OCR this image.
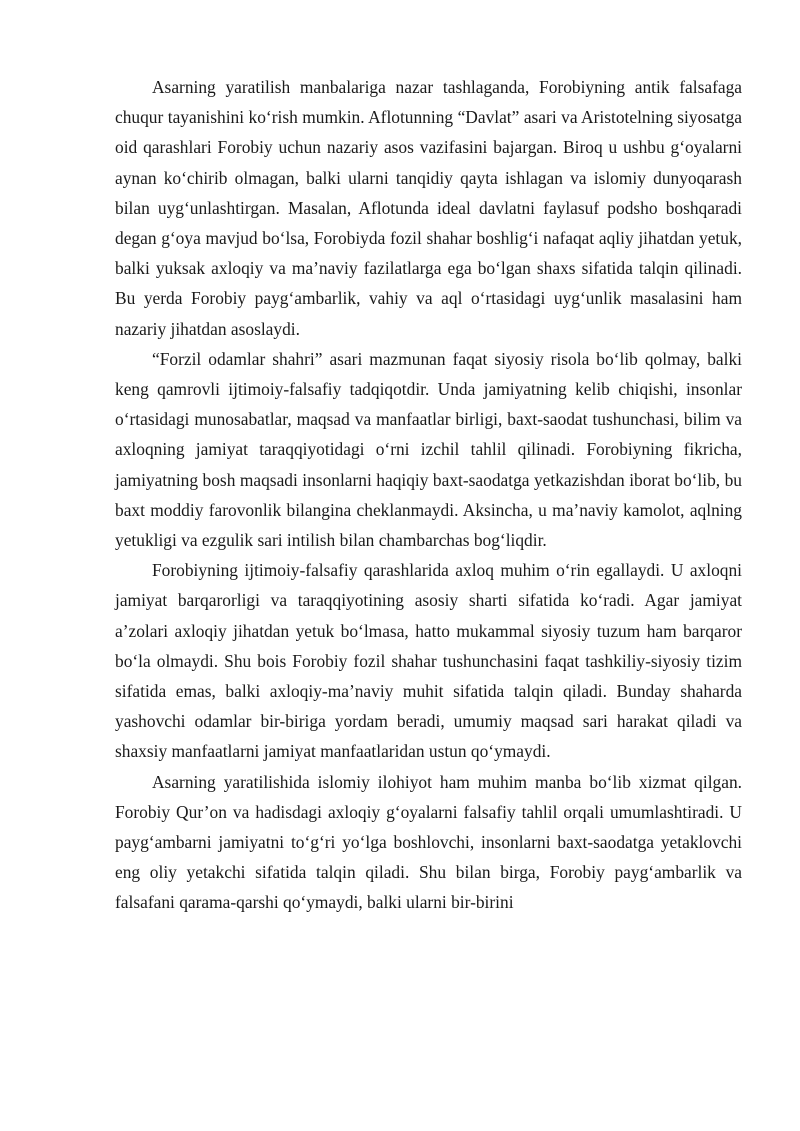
Asarning yaratilish manbalariga nazar tashlaganda, Forobiyning antik falsafaga chuqur tayanishini ko‘rish mumkin. Aflotunning “Davlat” asari va Aristotelning siyosatga oid qarashlari Forobiy uchun nazariy asos vazifasini bajargan. Biroq u ushbu g‘oyalarni aynan ko‘chirib olmagan, balki ularni tanqidiy qayta ishlagan va islomiy dunyoqarash bilan uyg‘unlashtirgan. Masalan, Aflotunda ideal davlatni faylasuf podsho boshqaradi degan g‘oya mavjud bo‘lsa, Forobiyda fozil shahar boshlig‘i nafaqat aqliy jihatdan yetuk, balki yuksak axloqiy va ma’naviy fazilatlarga ega bo‘lgan shaxs sifatida talqin qilinadi. Bu yerda Forobiy payg‘ambarlik, vahiy va aql o‘rtasidagi uyg‘unlik masalasini ham nazariy jihatdan asoslaydi.

“Forzil odamlar shahri” asari mazmunan faqat siyosiy risola bo‘lib qolmay, balki keng qamrovli ijtimoiy-falsafiy tadqiqotdir. Unda jamiyatning kelib chiqishi, insonlar o‘rtasidagi munosabatlar, maqsad va manfaatlar birligi, baxt-saodat tushunchasi, bilim va axloqning jamiyat taraqqiyotidagi o‘rni izchil tahlil qilinadi. Forobiyning fikricha, jamiyatning bosh maqsadi insonlarni haqiqiy baxt-saodatga yetkazishdan iborat bo‘lib, bu baxt moddiy farovonlik bilangina cheklanmaydi. Aksincha, u ma’naviy kamolot, aqlning yetukligi va ezgulik sari intilish bilan chambarchas bog‘liqdir.

Forobiyning ijtimoiy-falsafiy qarashlarida axloq muhim o‘rin egallaydi. U axloqni jamiyat barqarorligi va taraqqiyotining asosiy sharti sifatida ko‘radi. Agar jamiyat a’zolari axloqiy jihatdan yetuk bo‘lmasa, hatto mukammal siyosiy tuzum ham barqaror bo‘la olmaydi. Shu bois Forobiy fozil shahar tushunchasini faqat tashkiliy-siyosiy tizim sifatida emas, balki axloqiy-ma’naviy muhit sifatida talqin qiladi. Bunday shaharda yashovchi odamlar bir-biriga yordam beradi, umumiy maqsad sari harakat qiladi va shaxsiy manfaatlarni jamiyat manfaatlaridan ustun qo‘ymaydi.

Asarning yaratilishida islomiy ilohiyot ham muhim manba bo‘lib xizmat qilgan. Forobiy Qur’on va hadisdagi axloqiy g‘oyalarni falsafiy tahlil orqali umumlashtiradi. U payg‘ambarni jamiyatni to‘g‘ri yo‘lga boshlovchi, insonlarni baxt-saodatga yetaklovchi eng oliy yetakchi sifatida talqin qiladi. Shu bilan birga, Forobiy payg‘ambarlik va falsafani qarama-qarshi qo‘ymaydi, balki ularni bir-birini
